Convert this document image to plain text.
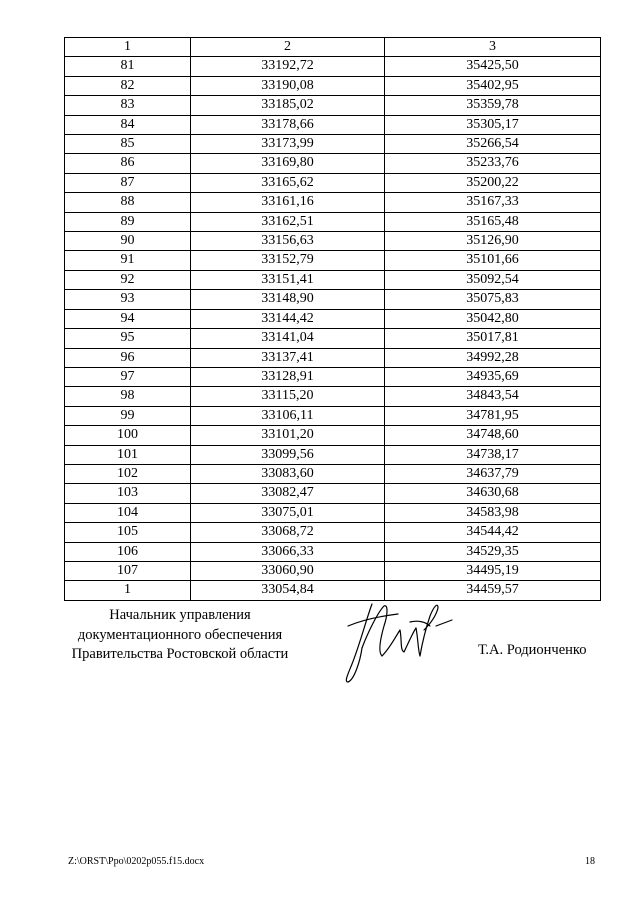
1	2	3
81	33192,72	35425,50
82	33190,08	35402,95
83	33185,02	35359,78
84	33178,66	35305,17
85	33173,99	35266,54
86	33169,80	35233,76
87	33165,62	35200,22
88	33161,16	35167,33
89	33162,51	35165,48
90	33156,63	35126,90
91	33152,79	35101,66
92	33151,41	35092,54
93	33148,90	35075,83
94	33144,42	35042,80
95	33141,04	35017,81
96	33137,41	34992,28
97	33128,91	34935,69
98	33115,20	34843,54
99	33106,11	34781,95
100	33101,20	34748,60
101	33099,56	34738,17
102	33083,60	34637,79
103	33082,47	34630,68
104	33075,01	34583,98
105	33068,72	34544,42
106	33066,33	34529,35
107	33060,90	34495,19
1	33054,84	34459,57
Начальник управления
документационного обеспечения
Правительства Ростовской области	Т.А. Родионченко
Z:\ORST\Ppo\0202p055.f15.docx	18
